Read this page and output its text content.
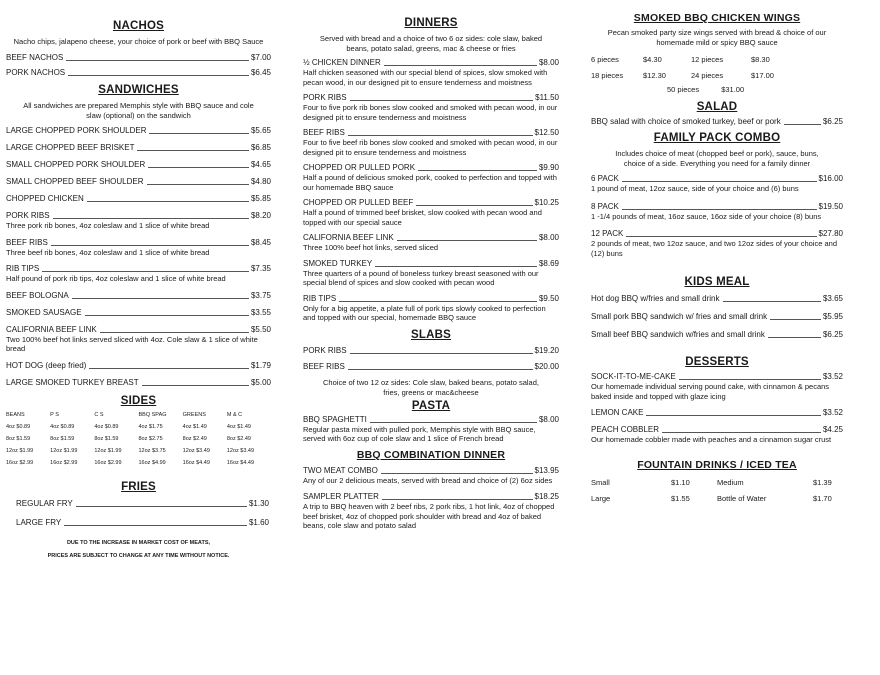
NACHOS
Nacho chips, jalapeno cheese, your choice of pork or beef with BBQ Sauce
BEEF NACHOS	$7.00
PORK NACHOS	$6.45
SANDWICHES
All sandwiches are prepared Memphis style with BBQ sauce and cole slaw (optional) on the sandwich
LARGE CHOPPED PORK SHOULDER	$5.65
LARGE CHOPPED BEEF BRISKET	$6.85
SMALL CHOPPED PORK SHOULDER	$4.65
SMALL CHOPPED BEEF SHOULDER	$4.80
CHOPPED CHICKEN	$5.85
PORK RIBS	$8.20
Three pork rib bones, 4oz coleslaw and 1 slice of white bread
BEEF RIBS	$8.45
Three beef rib bones, 4oz coleslaw and 1 slice of white bread
RIB TIPS	$7.35
Half pound of pork rib tips, 4oz coleslaw and 1 slice of white bread
BEEF BOLOGNA	$3.75
SMOKED SAUSAGE	$3.55
CALIFORNIA BEEF LINK	$5.50
Two 100% beef hot links served sliced with 4oz. Cole slaw & 1 slice of white bread
HOT DOG (deep fried)	$1.79
LARGE SMOKED TURKEY BREAST	$5.00
SIDES
BEANS	P S	C S	BBQ SPAG	GREENS	M & C
4oz $0.89	4oz $0.89	4oz $0.89	4oz $1.75	4oz $1.49	4oz $1.49
8oz $1.59	8oz $1.59	8oz $1.59	8oz $2.75	8oz $2.49	8oz $2.49
12oz $1.99	12oz $1.99	12oz $1.99	12oz $3.75	12oz $3.49	12oz $3.49
16oz $2.99	16oz $2.99	16oz $2.99	16oz $4.99	16oz $4.49	16oz $4.49
FRIES
REGULAR FRY	$1.30
LARGE FRY	$1.60
DUE TO THE INCREASE IN MARKET COST OF MEATS,
PRICES ARE SUBJECT TO CHANGE AT ANY TIME WITHOUT NOTICE.
DINNERS
Served with bread and a choice of two 6 oz sides: cole slaw, baked beans, potato salad, greens, mac & cheese or fries
½ CHICKEN DINNER	$8.00
Half chicken seasoned with our special blend of spices, slow smoked with pecan wood, in our designed pit to ensure tenderness and moistness
PORK RIBS	$11.50
Four to five pork rib bones slow cooked and smoked with pecan wood, in our designed pit to ensure tenderness and moistness
BEEF RIBS	$12.50
Four to five beef rib bones slow cooked and smoked with pecan wood, in our designed pit to ensure tenderness and moistness
CHOPPED OR PULLED PORK	$9.90
Half a pound of delicious smoked pork, cooked to perfection and topped with our homemade BBQ sauce
CHOPPED OR PULLED BEEF	$10.25
Half a pound of trimmed beef brisket, slow cooked with pecan wood and topped with our special sauce
CALIFORNIA BEEF LINK	$8.00
Three 100% beef hot links, served sliced
SMOKED TURKEY	$8.69
Three quarters of a pound of boneless turkey breast seasoned with our special blend of spices and slow cooked with pecan wood
RIB TIPS	$9.50
Only for a big appetite, a plate full of pork tips slowly cooked to perfection and topped with our special, homemade BBQ sauce
SLABS
PORK RIBS	$19.20
BEEF RIBS	$20.00
Choice of two 12 oz sides: Cole slaw, baked beans, potato salad, fries, greens or mac&cheese
PASTA
BBQ SPAGHETTI	$8.00
Regular pasta mixed with pulled pork, Memphis style with BBQ sauce, served with 6oz cup of cole slaw and 1 slice of French bread
BBQ COMBINATION DINNER
TWO MEAT COMBO	$13.95
Any of our 2 delicious meats, served with bread and choice of (2) 6oz sides
SAMPLER PLATTER	$18.25
A trip to BBQ heaven with 2 beef ribs, 2 pork ribs, 1 hot link, 4oz of chopped beef brisket, 4oz of chopped pork shoulder with bread and 4oz of baked beans, cole slaw and potato salad
SMOKED BBQ CHICKEN WINGS
Pecan smoked party size wings served with bread & choice of our homemade mild or spicy BBQ sauce
6 pieces	$4.30	12 pieces	$8.30
18 pieces	$12.30	24 pieces	$17.00
50 pieces	$31.00
SALAD
BBQ salad with choice of smoked turkey, beef or pork	$6.25
FAMILY PACK COMBO
Includes choice of meat (chopped beef or pork), sauce, buns, choice of a side. Everything you need for a family dinner
6 PACK	$16.00
1 pound of meat, 12oz sauce, side of your choice and (6) buns
8 PACK	$19.50
1 -1/4 pounds of meat, 16oz sauce, 16oz side of your choice (8) buns
12 PACK	$27.80
2 pounds of meat, two 12oz sauce, and two 12oz sides of your choice and (12) buns
KIDS MEAL
Hot dog BBQ w/fries and small drink	$3.65
Small pork BBQ sandwich w/ fries and small drink	$5.95
Small beef BBQ sandwich w/fries and small drink	$6.25
DESSERTS
SOCK-IT-TO-ME-CAKE	$3.52
Our homemade individual serving pound cake, with cinnamon & pecans baked inside and topped with glaze icing
LEMON CAKE	$3.52
PEACH COBBLER	$4.25
Our homemade cobbler made with peaches and a cinnamon sugar crust
FOUNTAIN DRINKS / ICED TEA
Small	$1.10	Medium	$1.39
Large	$1.55	Bottle of Water	$1.70
